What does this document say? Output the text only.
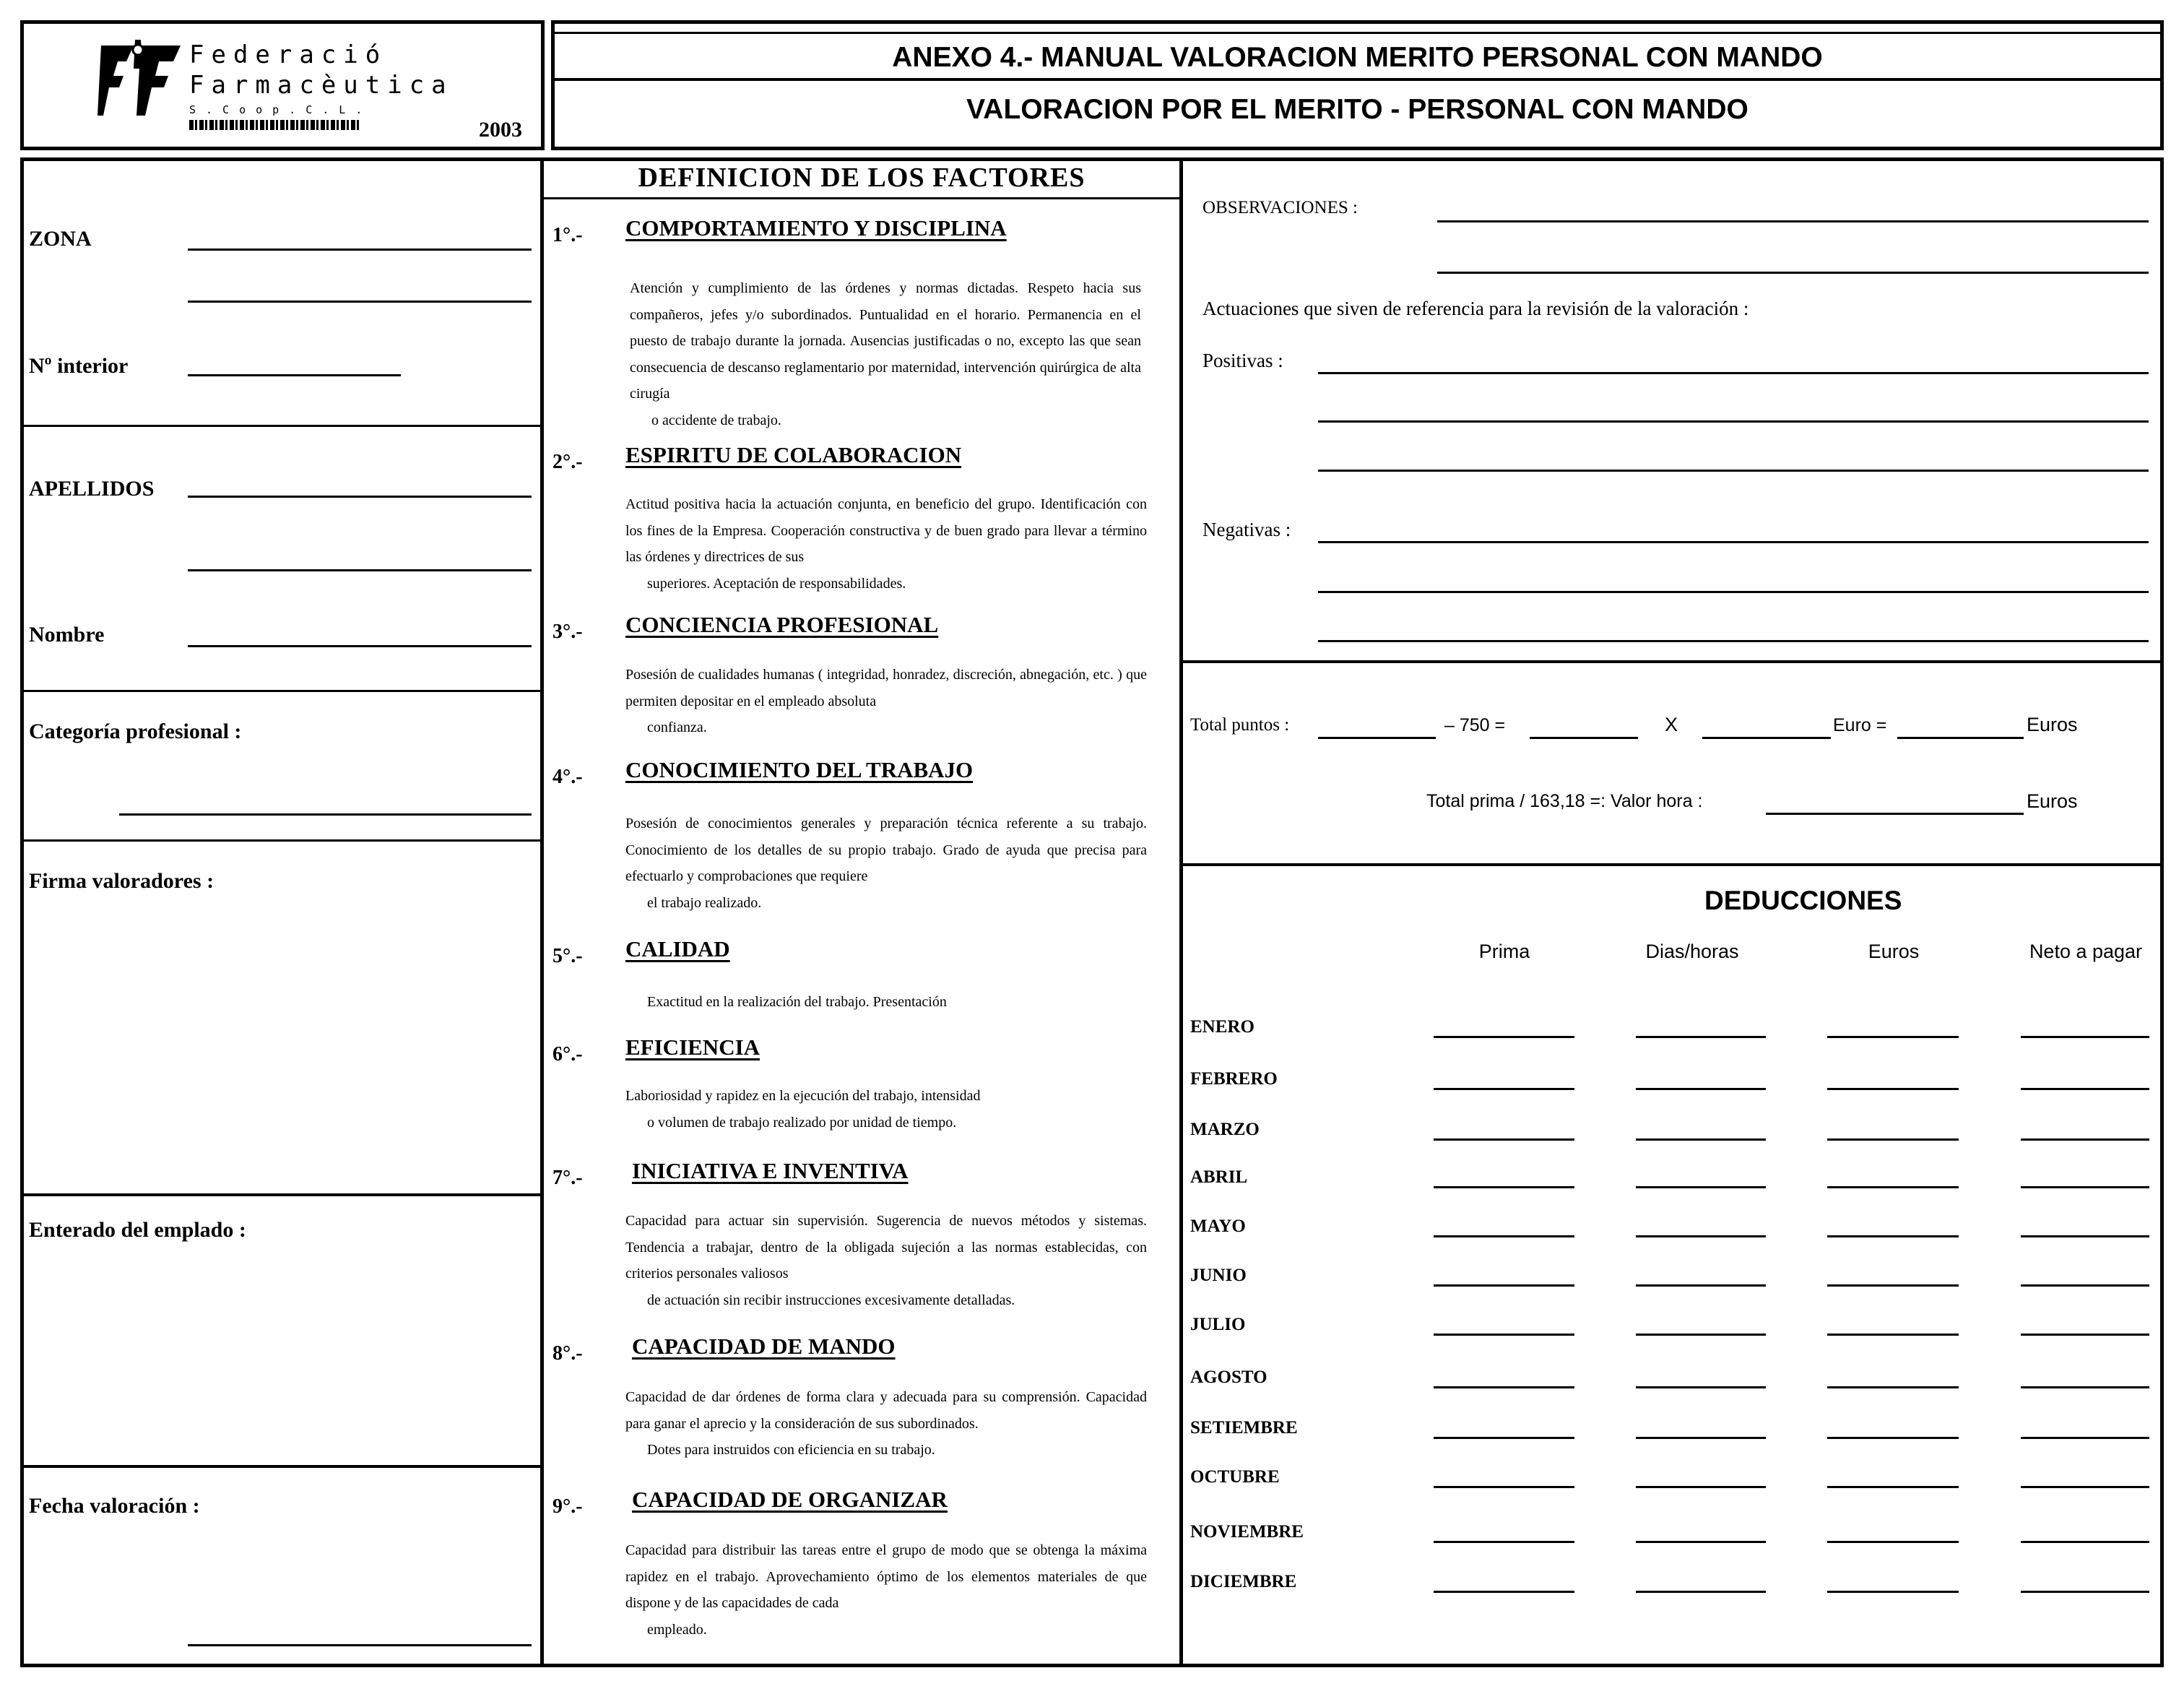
Federació
Farmacèutica
S.Coop.C.L.
2003
ANEXO 4.- MANUAL VALORACION MERITO PERSONAL CON MANDO
VALORACION POR EL MERITO - PERSONAL CON MANDO
ZONA
Nº interior
APELLIDOS
Nombre
Categoría profesional :
Firma valoradores :
Enterado del emplado :
Fecha valoración :
DEFINICION DE LOS FACTORES
1°.- COMPORTAMIENTO Y DISCIPLINA
Atención y cumplimiento de las órdenes y normas dictadas. Respeto hacia sus compañeros, jefes y/o subordinados. Puntualidad en el horario. Permanencia en el puesto de trabajo durante la jornada. Ausencias justificadas o no, excepto las que sean consecuencia de descanso reglamentario por maternidad, intervención quirúrgica de alta cirugía
o accidente de trabajo.
2°.- ESPIRITU DE COLABORACION
Actitud positiva hacia la actuación conjunta, en beneficio del grupo. Identificación con los fines de la Empresa. Cooperación constructiva y de buen grado para llevar a término las órdenes y directrices de sus
superiores. Aceptación de responsabilidades.
3°.- CONCIENCIA PROFESIONAL
Posesión de cualidades humanas ( integridad, honradez, discreción, abnegación, etc. ) que permiten depositar en el empleado absoluta
confianza.
4°.- CONOCIMIENTO DEL TRABAJO
Posesión de conocimientos generales y preparación técnica referente a su trabajo. Conocimiento de los detalles de su propio trabajo. Grado de ayuda que precisa para efectuarlo y comprobaciones que requiere
el trabajo realizado.
5°.- CALIDAD
Exactitud en la realización del trabajo. Presentación
6°.- EFICIENCIA
Laboriosidad y rapidez en la ejecución del trabajo, intensidad
o volumen de trabajo realizado por unidad de tiempo.
7°.- INICIATIVA E INVENTIVA
Capacidad para actuar sin supervisión. Sugerencia de nuevos métodos y sistemas. Tendencia a trabajar, dentro de la obligada sujeción a las normas establecidas, con criterios personales valiosos
de actuación sin recibir instrucciones excesivamente detalladas.
8°.- CAPACIDAD DE MANDO
Capacidad de dar órdenes de forma clara y adecuada para su comprensión. Capacidad para ganar el aprecio y la consideración de sus subordinados.
Dotes para instruidos con eficiencia en su trabajo.
9°.- CAPACIDAD DE ORGANIZAR
Capacidad para distribuir las tareas entre el grupo de modo que se obtenga la máxima rapidez en el trabajo. Aprovechamiento óptimo de los elementos materiales de que dispone y de las capacidades de cada
empleado.
OBSERVACIONES :
Actuaciones que siven de referencia para la revisión de la valoración :
Positivas :
Negativas :
Total puntos :	– 750 =	X	Euro =	Euros
Total prima / 163,18 =: Valor hora :	Euros
DEDUCCIONES
Prima	Dias/horas	Euros	Neto a pagar
ENERO
FEBRERO
MARZO
ABRIL
MAYO
JUNIO
JULIO
AGOSTO
SETIEMBRE
OCTUBRE
NOVIEMBRE
DICIEMBRE
